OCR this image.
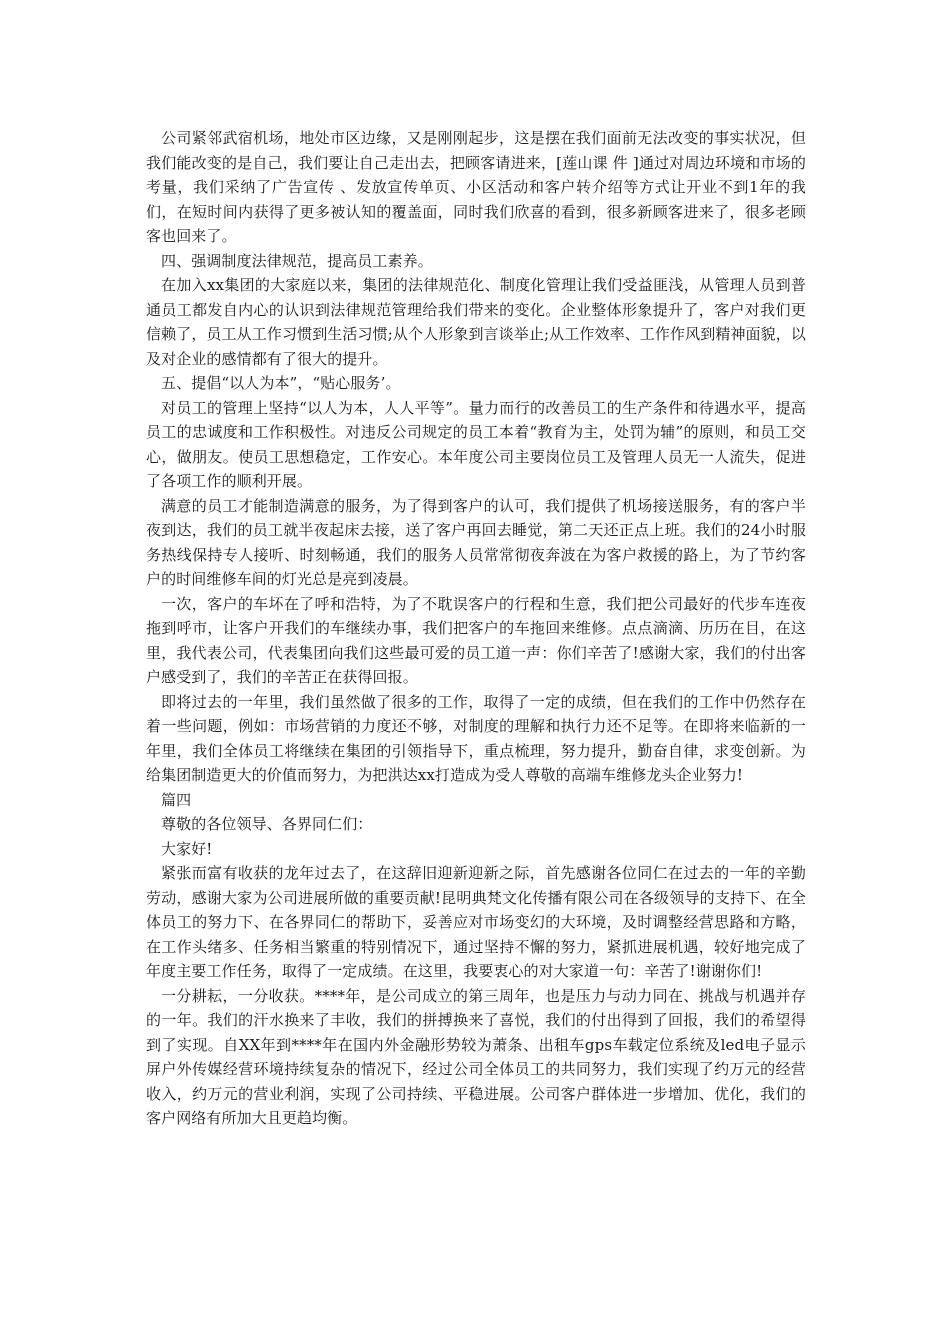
公司紧邻武宿机场，地处市区边缘，又是刚刚起步，这是摆在我们面前无法改变的事实状况，但我们能改变的是自己，我们要让自己走出去，把顾客请进来，[莲山课 件 ]通过对周边环境和市场的考量，我们采纳了广告宣传 、发放宣传单页、小区活动和客户转介绍等方式让开业不到1年的我们，在短时间内获得了更多被认知的覆盖面，同时我们欣喜的看到，很多新顾客进来了，很多老顾客也回来了。

四、强调制度法律规范，提高员工素养。

在加入xx集团的大家庭以来，集团的法律规范化、制度化管理让我们受益匪浅，从管理人员到普通员工都发自内心的认识到法律规范管理给我们带来的变化。企业整体形象提升了，客户对我们更信赖了，员工从工作习惯到生活习惯;从个人形象到言谈举止;从工作效率、工作作风到精神面貌，以及对企业的感情都有了很大的提升。

五、提倡“以人为本”，“贴心服务’。

对员工的管理上坚持“以人为本，人人平等”。量力而行的改善员工的生产条件和待遇水平，提高员工的忠诚度和工作积极性。对违反公司规定的员工本着“教育为主，处罚为辅”的原则，和员工交心，做朋友。使员工思想稳定，工作安心。本年度公司主要岗位员工及管理人员无一人流失，促进了各项工作的顺利开展。

满意的员工才能制造满意的服务，为了得到客户的认可，我们提供了机场接送服务，有的客户半夜到达，我们的员工就半夜起床去接，送了客户再回去睡觉，第二天还正点上班。我们的24小时服务热线保持专人接听、时刻畅通，我们的服务人员常常彻夜奔波在为客户救援的路上，为了节约客户的时间维修车间的灯光总是亮到凌晨。

一次，客户的车坏在了呼和浩特，为了不耽误客户的行程和生意，我们把公司最好的代步车连夜拖到呼市，让客户开我们的车继续办事，我们把客户的车拖回来维修。点点滴滴、历历在目，在这里，我代表公司，代表集团向我们这些最可爱的员工道一声：你们辛苦了!感谢大家，我们的付出客户感受到了，我们的辛苦正在获得回报。

即将过去的一年里，我们虽然做了很多的工作，取得了一定的成绩，但在我们的工作中仍然存在着一些问题，例如：市场营销的力度还不够，对制度的理解和执行力还不足等。在即将来临新的一年里，我们全体员工将继续在集团的引领指导下，重点梳理，努力提升，勤奋自律，求变创新。为给集团制造更大的价值而努力，为把洪达xx打造成为受人尊敬的高端车维修龙头企业努力!

篇四

尊敬的各位领导、各界同仁们：

大家好!

紧张而富有收获的龙年过去了，在这辞旧迎新迎新之际，首先感谢各位同仁在过去的一年的辛勤劳动，感谢大家为公司进展所做的重要贡献!昆明典梵文化传播有限公司在各级领导的支持下、在全体员工的努力下、在各界同仁的帮助下，妥善应对市场变幻的大环境，及时调整经营思路和方略，在工作头绪多、任务相当繁重的特别情况下，通过坚持不懈的努力，紧抓进展机遇，较好地完成了年度主要工作任务，取得了一定成绩。在这里，我要衷心的对大家道一句：辛苦了!谢谢你们!

一分耕耘，一分收获。****年，是公司成立的第三周年，也是压力与动力同在、挑战与机遇并存的一年。我们的汗水换来了丰收，我们的拼搏换来了喜悦，我们的付出得到了回报，我们的希望得到了实现。自XX年到****年在国内外金融形势较为萧条、出租车gps车载定位系统及led电子显示屏户外传媒经营环境持续复杂的情况下，经过公司全体员工的共同努力，我们实现了约万元的经营收入，约万元的营业利润，实现了公司持续、平稳进展。公司客户群体进一步增加、优化，我们的客户网络有所加大且更趋均衡。
